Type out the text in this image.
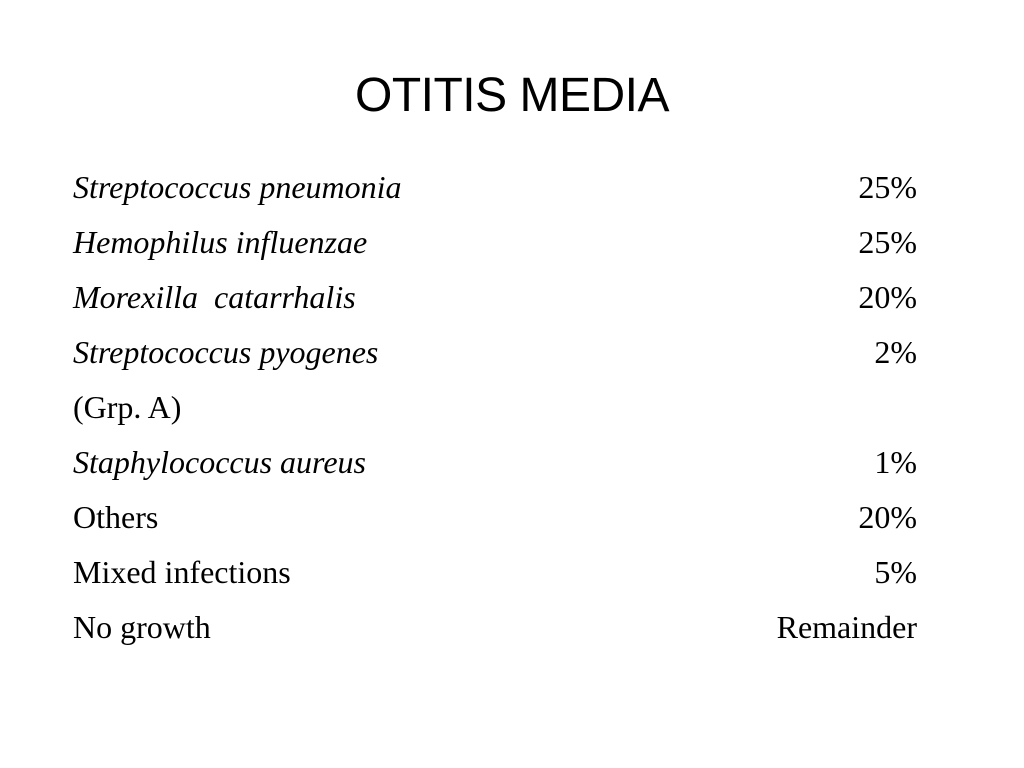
OTITIS MEDIA
Streptococcus pneumonia	25%
Hemophilus influenzae	25%
Morexilla  catarrhalis	20%
Streptococcus pyogenes	2%
(Grp. A)
Staphylococcus aureus	1%
Others	20%
Mixed infections	5%
No growth	Remainder
